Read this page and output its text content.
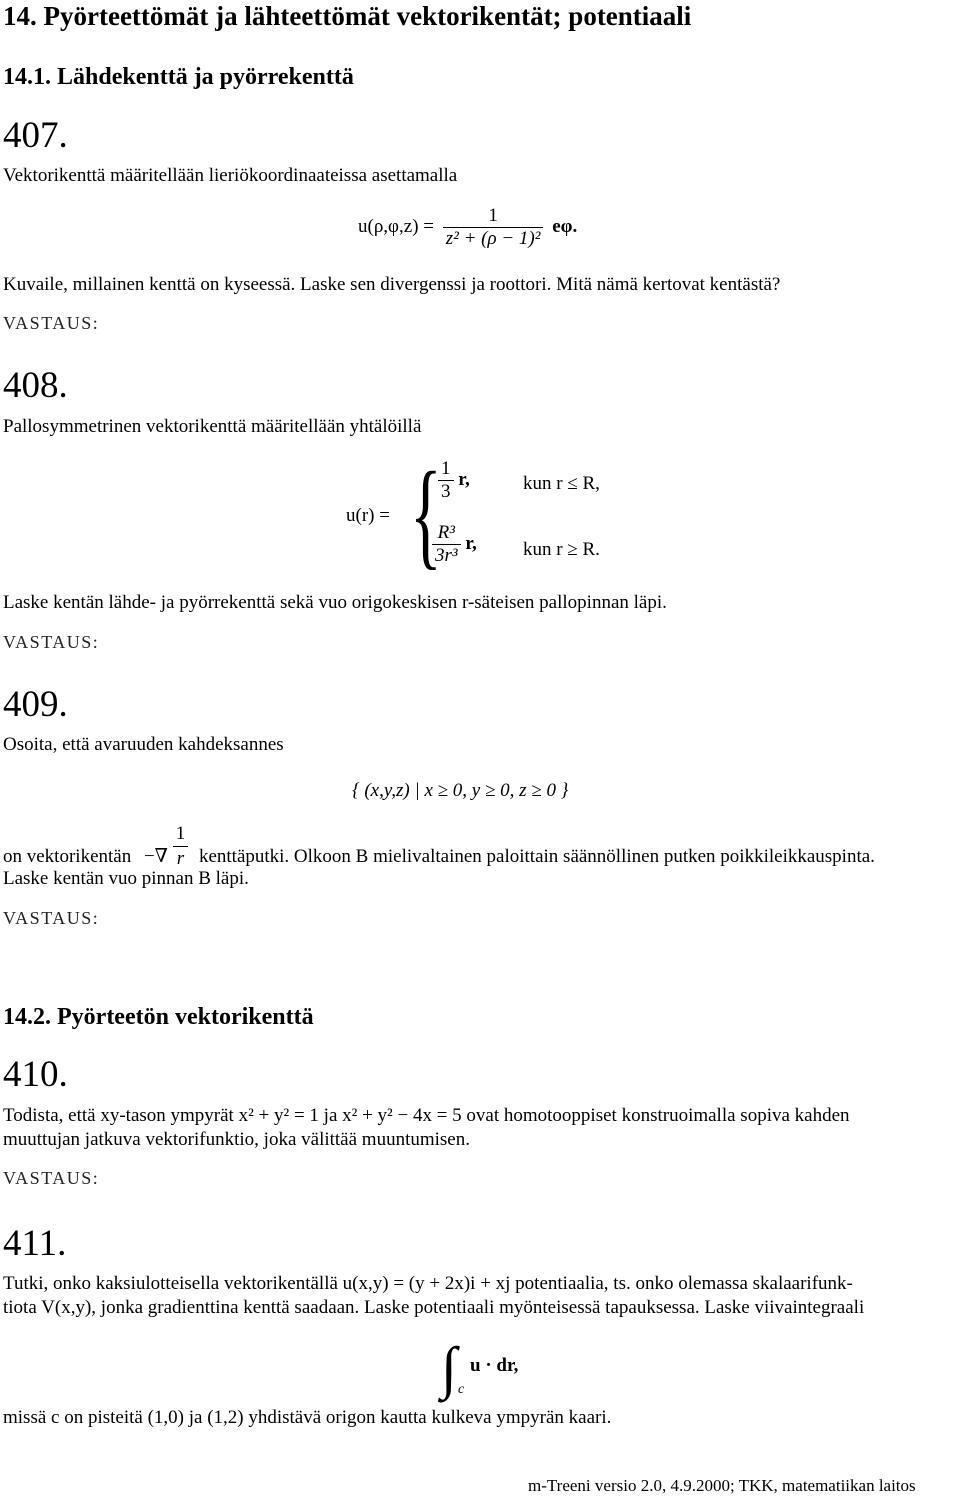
14. Pyörteettömät ja lähteettömät vektorikentät; potentiaali
14.1. Lähdekenttä ja pyörrekenttä
407.
Vektorikenttä määritellään lieriökoordinaateissa asettamalla
$u(\rho,\varphi,z) = \frac{1}{\text{z² + (ρ − 1)²}} e\varphi$.
Kuvaile, millainen kenttä on kyseessä. Laske sen divergenssi ja roottori. Mitä nämä kertovat kentästä?
VASTAUS:
408.
Pallosymmetrinen vektorikenttä määritellään yhtälöillä
u(r) = {
$\frac{1}{3} r$,	kun r ≤ R,
$\frac{\text{R³}}{\text{3r³}} r$, kun r ≥ R.
Laske kentän lähde- ja pyörrekenttä sekä vuo origokeskisen r-säteisen pallopinnan läpi.
VASTAUS:
409.
Osoita, että avaruuden kahdeksannes
{ (x,y,z) | x ≥ 0, y ≥ 0, z ≥ 0 }
on vektorikentän −∇ $\frac{1}{r}$ kenttäputki. Olkoon B mielivaltainen paloittain säännöllinen putken poikkileikkauspinta.
Laske kentän vuo pinnan B läpi.
VASTAUS:
14.2. Pyörteetön vektorikenttä
410.
Todista, että xy-tason ympyrät x² + y² = 1 ja x² + y² − 4x = 5 ovat homotooppiset konstruoimalla sopiva kahden
muuttujan jatkuva vektorifunktio, joka välittää muuntumisen.
VASTAUS:
411.
Tutki, onko kaksiulotteisella vektorikentällä u(x,y) = (y + 2x)i + xj potentiaalia, ts. onko olemassa skalaarifunk-
tiota V(x,y), jonka gradienttina kenttä saadaan. Laske potentiaali myönteisessä tapauksessa. Laske viivaintegraali
∫ c
u · dr,
missä c on pisteitä (1,0) ja (1,2) yhdistävä origon kautta kulkeva ympyrän kaari.
m-Treeni versio 2.0, 4.9.2000; TKK, matematiikan laitos
